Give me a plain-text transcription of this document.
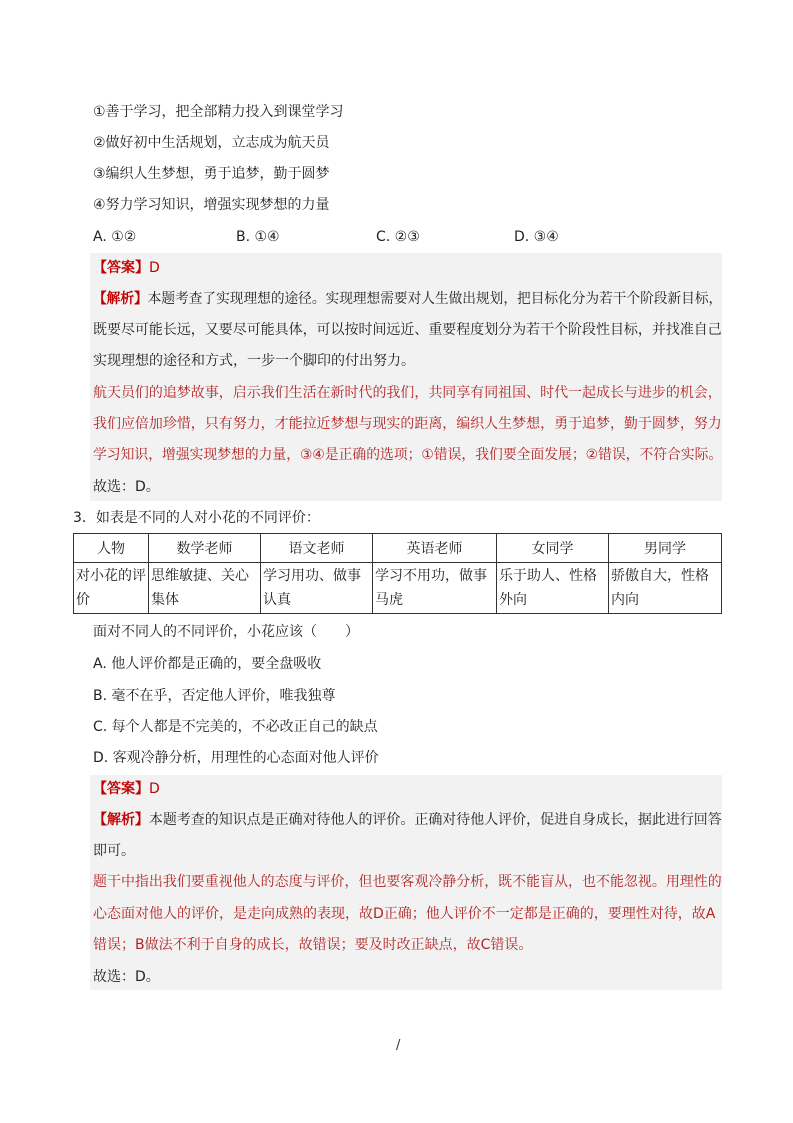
①善于学习，把全部精力投入到课堂学习
②做好初中生活规划，立志成为航天员
③编织人生梦想，勇于追梦，勤于圆梦
④努力学习知识，增强实现梦想的力量
A. ①②	B. ①④	C. ②③	D. ③④
【答案】D
【解析】本题考查了实现理想的途径。实现理想需要对人生做出规划，把目标化分为若干个阶段新目标，
既要尽可能长远，又要尽可能具体，可以按时间远近、重要程度划分为若干个阶段性目标，并找准自己
实现理想的途径和方式，一步一个脚印的付出努力。
航天员们的追梦故事，启示我们生活在新时代的我们，共同享有同祖国、时代一起成长与进步的机会，
我们应倍加珍惜，只有努力，才能拉近梦想与现实的距离，编织人生梦想，勇于追梦，勤于圆梦，努力
学习知识，增强实现梦想的力量，③④是正确的选项；①错误，我们要全面发展；②错误，不符合实际。
故选：D。
3．如表是不同的人对小花的不同评价：
人物	数学老师	语文老师	英语老师	女同学	男同学
对小花的评价	思维敏捷、关心集体	学习用功、做事认真	学习不用功，做事马虎	乐于助人、性格外向	骄傲自大，性格内向
面对不同人的不同评价，小花应该（　　）
A. 他人评价都是正确的，要全盘吸收
B. 毫不在乎，否定他人评价，唯我独尊
C. 每个人都是不完美的，不必改正自己的缺点
D. 客观冷静分析，用理性的心态面对他人评价
【答案】D
【解析】本题考查的知识点是正确对待他人的评价。正确对待他人评价，促进自身成长，据此进行回答
即可。
题干中指出我们要重视他人的态度与评价，但也要客观冷静分析，既不能盲从，也不能忽视。用理性的
心态面对他人的评价，是走向成熟的表现，故D正确；他人评价不一定都是正确的，要理性对待，故A
错误；B做法不利于自身的成长，故错误；要及时改正缺点，故C错误。
故选：D。
/
